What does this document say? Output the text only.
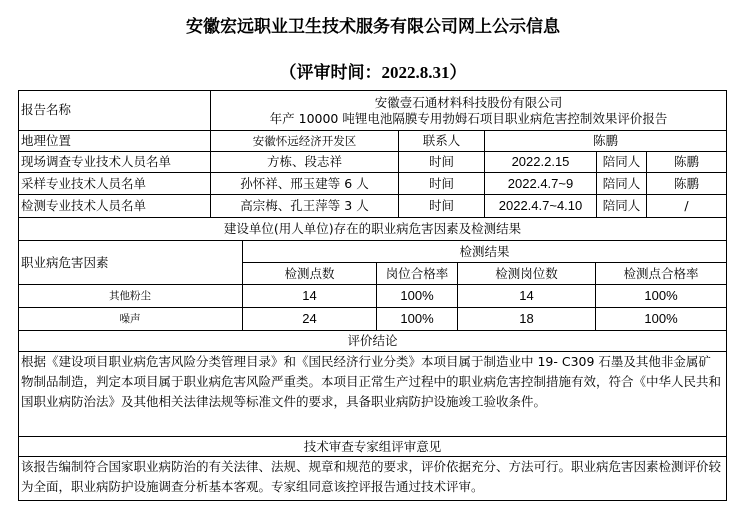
安徽宏远职业卫生技术服务有限公司网上公示信息
（评审时间：2022.8.31）
报告名称	安徽壹石通材料科技股份有限公司
年产 10000 吨锂电池隔膜专用勃姆石项目职业病危害控制效果评价报告
地理位置	安徽怀远经济开发区	联系人	陈鹏
现场调查专业技术人员名单	方栋、段志祥	时间	2022.2.15	陪同人	陈鹏
采样专业技术人员名单	孙怀祥、邢玉建等 6 人	时间	2022.4.7~9	陪同人	陈鹏
检测专业技术人员名单	高宗梅、孔王萍等 3 人	时间	2022.4.7~4.10	陪同人	/
建设单位(用人单位)存在的职业病危害因素及检测结果
职业病危害因素
检测结果
检测点数	岗位合格率	检测岗位数	检测点合格率
其他粉尘	14	100%	14	100%
噪声	24	100%	18	100%
评价结论
根据《建设项目职业病危害风险分类管理目录》和《国民经济行业分类》本项目属于制造业中 19- C309 石墨及其他非金属矿物制品制造，判定本项目属于职业病危害风险严重类。本项目正常生产过程中的职业病危害控制措施有效，符合《中华人民共和国职业病防治法》及其他相关法律法规等标准文件的要求，具备职业病防护设施竣工验收条件。
技术审查专家组评审意见
该报告编制符合国家职业病防治的有关法律、法规、规章和规范的要求，评价依据充分、方法可行。职业病危害因素检测评价较为全面，职业病防护设施调查分析基本客观。专家组同意该控评报告通过技术评审。
